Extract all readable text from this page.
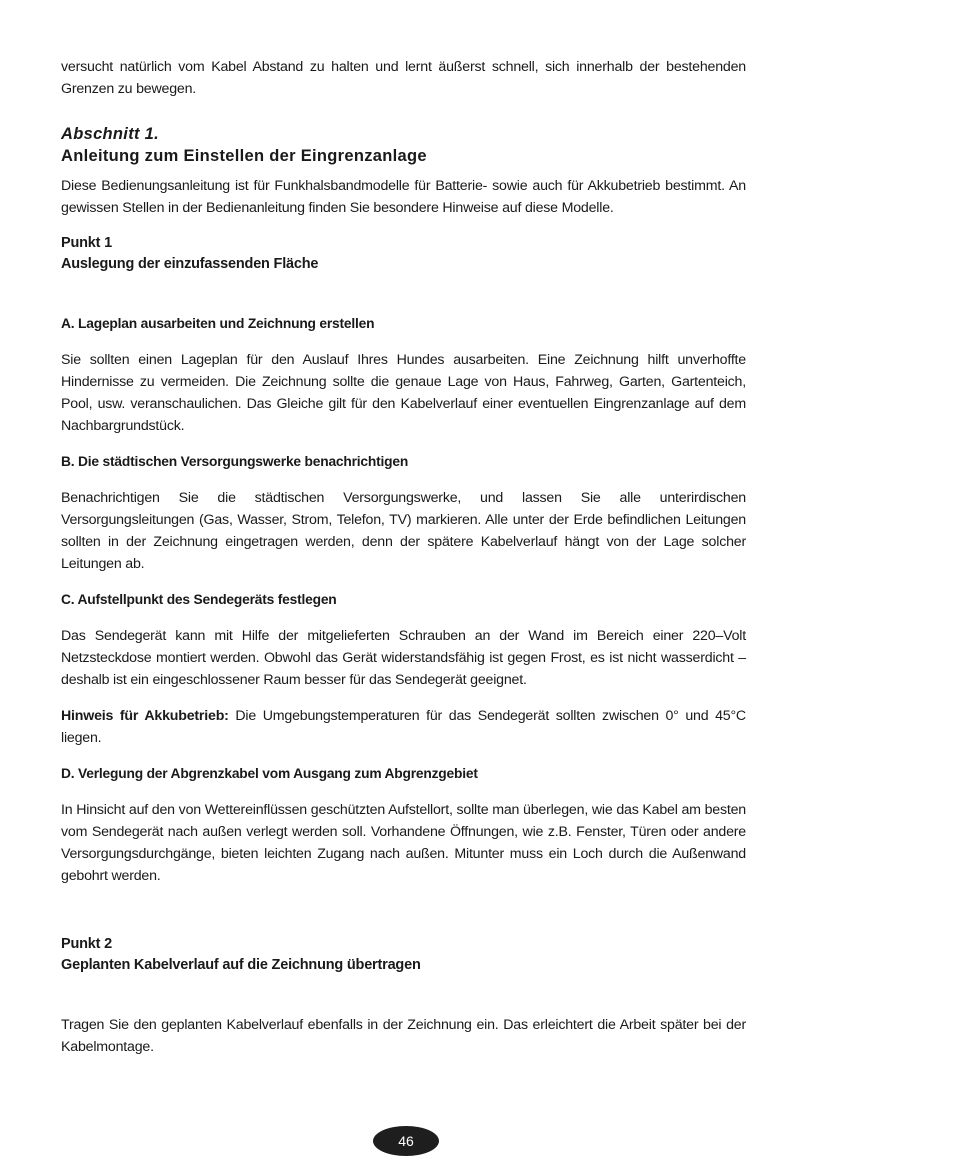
versucht natürlich vom Kabel Abstand zu halten und lernt äußerst schnell, sich innerhalb der bestehenden Grenzen zu bewegen.

Abschnitt 1.
Anleitung zum Einstellen der Eingrenzanlage

Diese Bedienungsanleitung ist für Funkhalsbandmodelle für Batterie- sowie auch für Akkubetrieb bestimmt. An gewissen Stellen in der Bedienanleitung finden Sie besondere Hinweise auf diese Modelle.

Punkt 1
Auslegung der einzufassenden Fläche
A. Lageplan ausarbeiten und Zeichnung erstellen

Sie sollten einen Lageplan für den Auslauf Ihres Hundes ausarbeiten. Eine Zeichnung hilft unverhoffte Hindernisse zu vermeiden. Die Zeichnung sollte die genaue Lage von Haus, Fahrweg, Garten, Gartenteich, Pool, usw. veranschaulichen. Das Gleiche gilt für den Kabelverlauf einer eventuellen Eingrenzanlage auf dem Nachbargrundstück.

B. Die städtischen Versorgungswerke benachrichtigen

Benachrichtigen Sie die städtischen Versorgungswerke, und lassen Sie alle unterirdischen Versorgungsleitungen (Gas, Wasser, Strom, Telefon, TV) markieren. Alle unter der Erde befindlichen Leitungen sollten in der Zeichnung eingetragen werden, denn der spätere Kabelverlauf hängt von der Lage solcher Leitungen ab.

C. Aufstellpunkt des Sendegeräts festlegen

Das Sendegerät kann mit Hilfe der mitgelieferten Schrauben an der Wand im Bereich einer 220–Volt Netzsteckdose montiert werden. Obwohl das Gerät widerstandsfähig ist gegen Frost, es ist nicht wasserdicht – deshalb ist ein eingeschlossener Raum besser für das Sendegerät geeignet.

Hinweis für Akkubetrieb: Die Umgebungstemperaturen für das Sendegerät sollten zwischen 0° und 45°C liegen.

D. Verlegung der Abgrenzkabel vom Ausgang zum Abgrenzgebiet

In Hinsicht auf den von Wettereinflüssen geschützten Aufstellort, sollte man überlegen, wie das Kabel am besten vom Sendegerät nach außen verlegt werden soll. Vorhandene Öffnungen, wie z.B. Fenster, Türen oder andere Versorgungsdurchgänge, bieten leichten Zugang nach außen. Mitunter muss ein Loch durch die Außenwand gebohrt werden.

Punkt 2
Geplanten Kabelverlauf auf die Zeichnung übertragen

Tragen Sie den geplanten Kabelverlauf ebenfalls in der Zeichnung ein. Das erleichtert die Arbeit später bei der Kabelmontage.

46
